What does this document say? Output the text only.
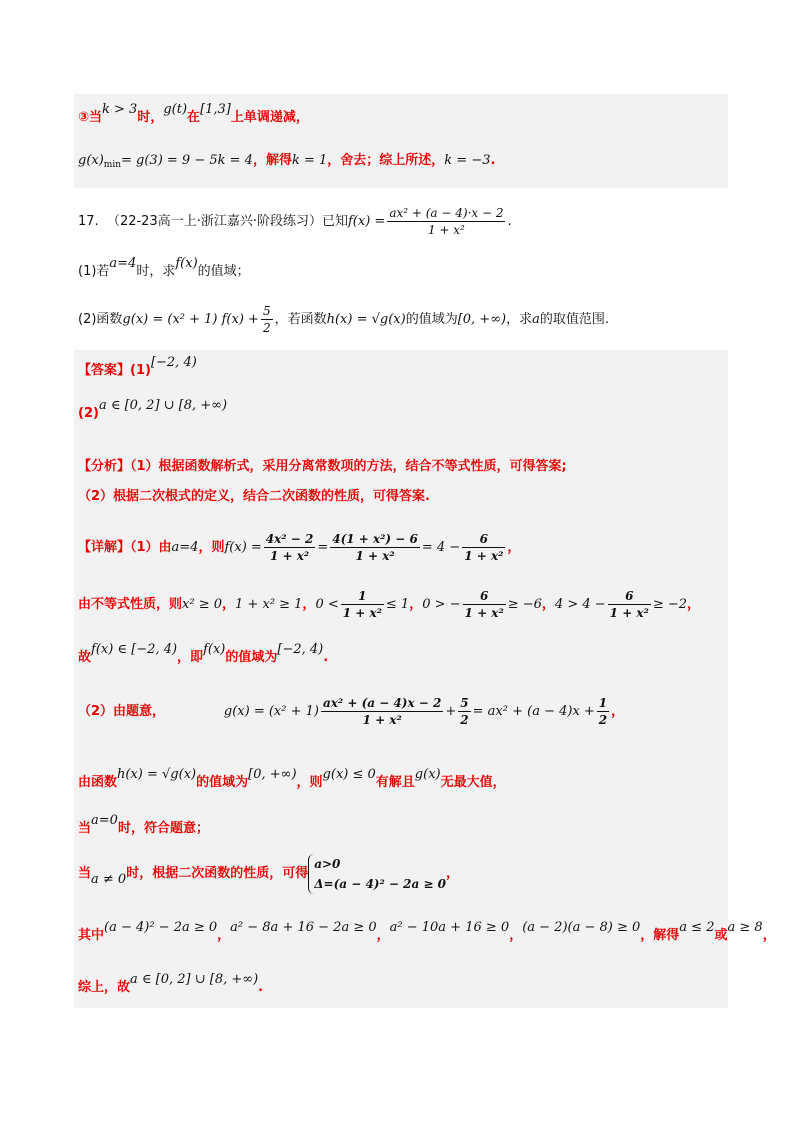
③当k > 3时，g(t)在[1,3]上单调递减，
$g(x)_{min}= g(3) = 9 - 5k = 4$，解得k = 1，舍去；综上所述，k = −3.
17. （22-23高一上·浙江嘉兴·阶段练习）已知$f(x) = \frac{\text{ax² + (a − 4)·x − 2}}{\text{1 + x²}}$ .
(1)若a=4时，求f(x)的值域；
(2)函数g(x) = (x² + 1) $f(x) + \frac{5}{2}$ ，若函数h(x) = √g(x)的值域为[0, +∞)，求a的取值范围.
【答案】(1)[−2, 4)
(2)a ∈ [0, 2] ∪ [8, +∞)
【分析】（1）根据函数解析式，采用分离常数项的方法，结合不等式性质，可得答案;
（2）根据二次根式的定义，结合二次函数的性质，可得答案.
【详解】（1）由a=4，则$f(x) = \frac{\text{4x² − 2}}{\text{1 + x²}} = \frac{\text{4(1 + x²) − 6}}{\text{1 + x²}} = 4 - \frac{6}{\text{1 + x²}}$ ，
由不等式性质，则x² ≥ 0，1 + x² ≥ 1，$0 < \frac{1}{\text{1 + x²}} \le 1$，0 > − $\frac{6}{\text{1 + x²}} \ge -6$，$4 > 4 - \frac{6}{\text{1 + x²}} \ge -2$，
故f(x) ∈ [−2, 4)，即f(x)的值域为[−2, 4).
（2）由题意，	$g(x) = (x^2 + 1) \frac{\text{ax² + (a − 4)x − 2}}{\text{1 + x²}} + \frac{5}{2} = ax^2 + (a - 4)x + \frac{1}{2}$ ，
由函数h(x) = √g(x)的值域为[0, +∞)，则g(x) ≤ 0有解且g(x)无最大值，
当a=0时，符合题意；
当a ≠ 0时，根据二次函数的性质，可得
a>0
Δ=(a − 4)² − 2a ≥ 0
，
其中(a − 4)² − 2a ≥ 0，a² − 8a + 16 − 2a ≥ 0，a² − 10a + 16 ≥ 0，(a − 2)(a − 8) ≥ 0，解得a ≤ 2或a ≥ 8，
综上，故a ∈ [0, 2] ∪ [8, +∞).
